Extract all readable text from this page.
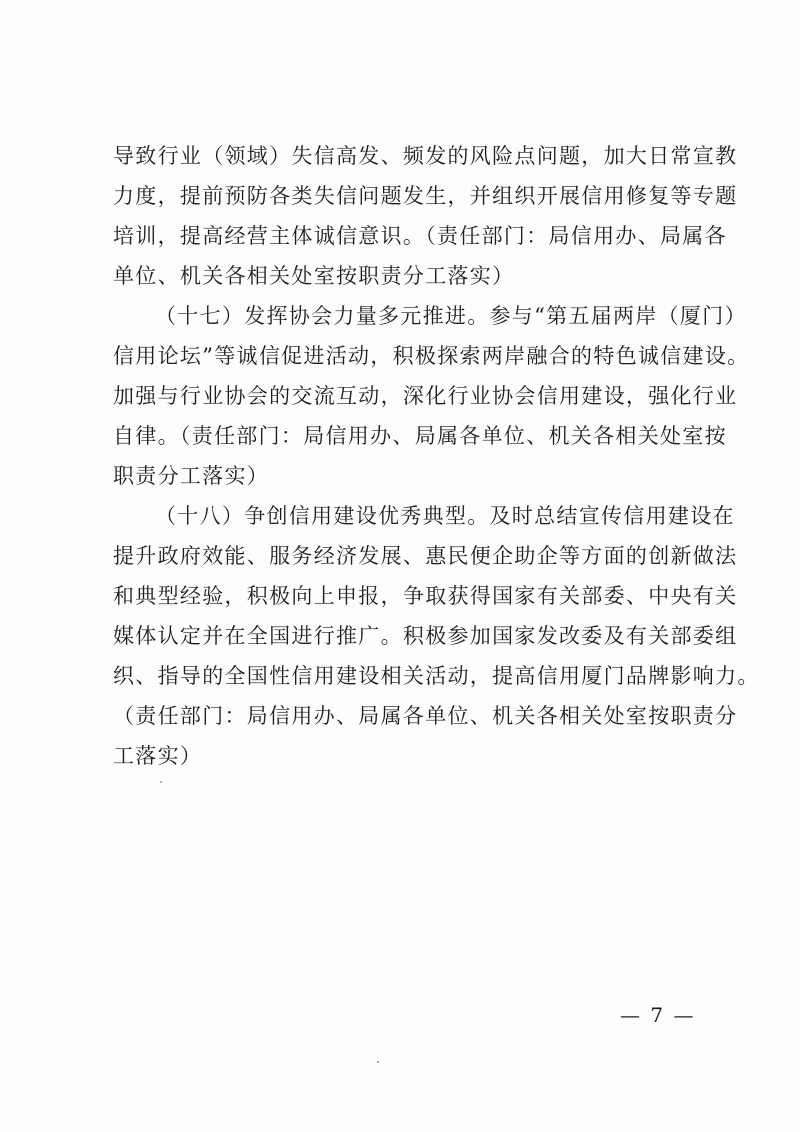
导致行业（领域）失信高发、频发的风险点问题，加大日常宣教
力度，提前预防各类失信问题发生，并组织开展信用修复等专题
培训，提高经营主体诚信意识。（责任部门：局信用办、局属各
单位、机关各相关处室按职责分工落实）
（十七）发挥协会力量多元推进。参与“第五届两岸（厦门）
信用论坛”等诚信促进活动，积极探索两岸融合的特色诚信建设。
加强与行业协会的交流互动，深化行业协会信用建设，强化行业
自律。（责任部门：局信用办、局属各单位、机关各相关处室按
职责分工落实）
（十八）争创信用建设优秀典型。及时总结宣传信用建设在
提升政府效能、服务经济发展、惠民便企助企等方面的创新做法
和典型经验，积极向上申报，争取获得国家有关部委、中央有关
媒体认定并在全国进行推广。积极参加国家发改委及有关部委组
织、指导的全国性信用建设相关活动，提高信用厦门品牌影响力。
（责任部门：局信用办、局属各单位、机关各相关处室按职责分
工落实）
— 7 —
